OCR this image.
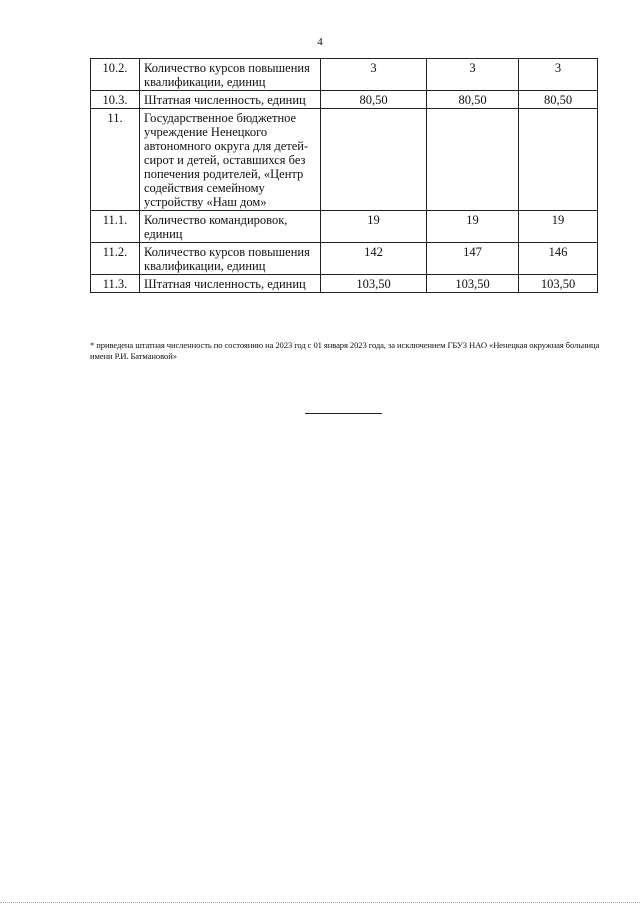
4
10.2.	Количество курсов повышения квалификации, единиц	3	3	3
10.3.	Штатная численность, единиц	80,50	80,50	80,50
11.	Государственное бюджетное учреждение Ненецкого автономного округа для детей-сирот и детей, оставшихся без попечения родителей, «Центр содействия семейному устройству «Наш дом»			
11.1.	Количество командировок, единиц	19	19	19
11.2.	Количество курсов повышения квалификации, единиц	142	147	146
11.3.	Штатная численность, единиц	103,50	103,50	103,50
* приведена штатная численность по состоянию на 2023 год с 01 января 2023 года, за исключением ГБУЗ НАО «Ненецкая окружная больница имени Р.И. Батмановой»
